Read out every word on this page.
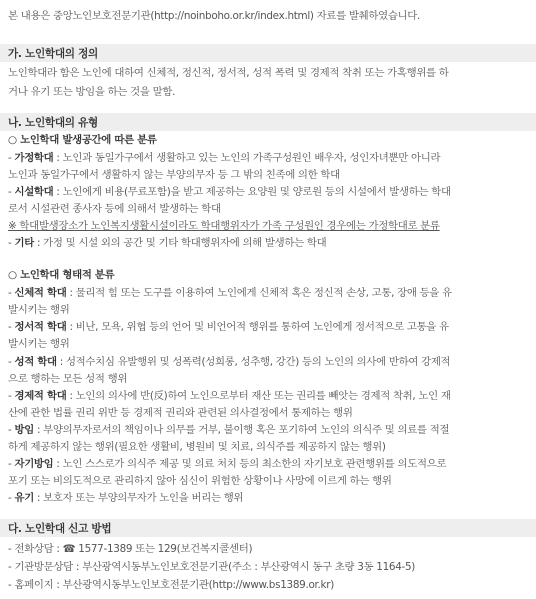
본 내용은 중앙노인보호전문기관(http://noinboho.or.kr/index.html) 자료를 발췌하였습니다.
가. 노인학대의 정의
노인학대라 함은 노인에 대하여 신체적, 정신적, 정서적, 성적 폭력 및 경제적 착취 또는 가혹행위를 하
거나 유기 또는 방임을 하는 것을 말함.
나. 노인학대의 유형
○ 노인학대 발생공간에 따른 분류
- 가정학대 : 노인과 동일가구에서 생활하고 있는 노인의 가족구성원인 배우자, 성인자녀뿐만 아니라
노인과 동일가구에서 생활하지 않는 부양의무자 등 그 밖의 친족에 의한 학대
- 시설학대 : 노인에게 비용(무료포함)을 받고 제공하는 요양원 및 양로원 등의 시설에서 발생하는 학대
로서 시설관련 종사자 등에 의해서 발생하는 학대
※ 학대발생장소가 노인복지생활시설이라도 학대행위자가 가족 구성원인 경우에는 가정학대로 분류
- 기타 : 가정 및 시설 외의 공간 및 기타 학대행위자에 의해 발생하는 학대
○ 노인학대 형태적 분류
- 신체적 학대 : 물리적 힘 또는 도구를 이용하여 노인에게 신체적 혹은 정신적 손상, 고통, 장애 등을 유
발시키는 행위
- 정서적 학대 : 비난, 모욕, 위협 등의 언어 및 비언어적 행위를 통하여 노인에게 정서적으로 고통을 유
발시키는 행위
- 성적 학대 : 성적수치심 유발행위 및 성폭력(성희롱, 성추행, 강간) 등의 노인의 의사에 반하여 강제적
으로 행하는 모든 성적 행위
- 경제적 학대 : 노인의 의사에 반(反)하여 노인으로부터 재산 또는 권리를 빼앗는 경제적 착취, 노인 재
산에 관한 법률 권리 위반 등 경제적 권리와 관련된 의사결정에서 통제하는 행위
- 방임 : 부양의무자로서의 책임이나 의무를 거부, 불이행 혹은 포기하여 노인의 의식주 및 의료를 적절
하게 제공하지 않는 행위(필요한 생활비, 병원비 및 치료, 의식주를 제공하지 않는 행위)
- 자기방임 : 노인 스스로가 의식주 제공 및 의료 처치 등의 최소한의 자기보호 관련행위를 의도적으로
포기 또는 비의도적으로 관리하지 않아 심신이 위험한 상황이나 사망에 이르게 하는 행위
- 유기 : 보호자 또는 부양의무자가 노인을 버리는 행위
다. 노인학대 신고 방법
- 전화상담 : ☎ 1577-1389 또는 129(보건복지콜센터)
- 기관방문상담 : 부산광역시동부노인보호전문기관(주소 : 부산광역시 동구 초량 3동 1164-5)
- 홈페이지 : 부산광역시동부노인보호전문기관(http://www.bs1389.or.kr)
